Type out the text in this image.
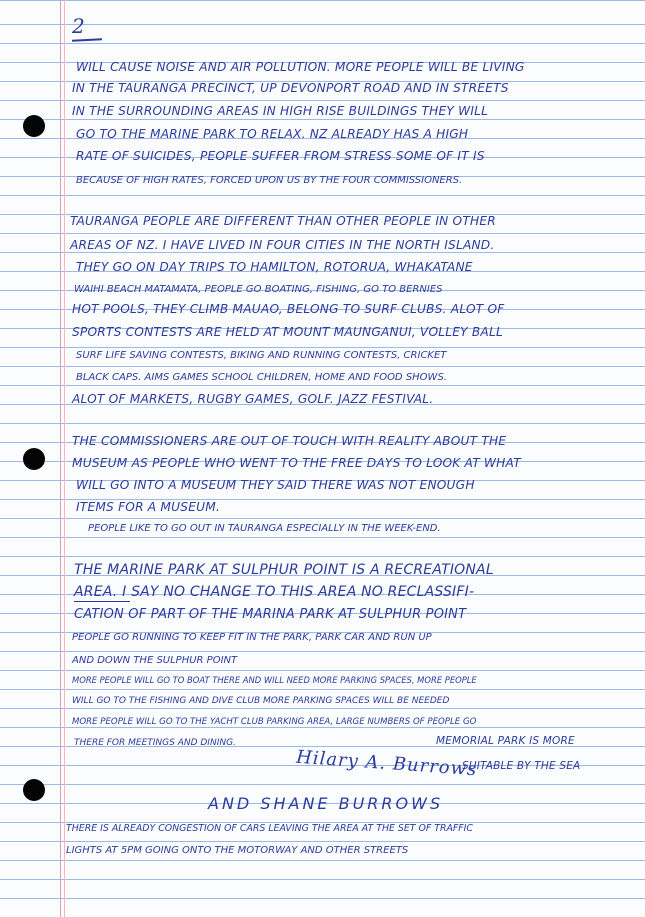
2
WILL CAUSE NOISE AND AIR POLLUTION. MORE PEOPLE WILL BE LIVING
IN THE TAURANGA PRECINCT, UP DEVONPORT ROAD AND IN STREETS
IN THE SURROUNDING AREAS IN HIGH RISE BUILDINGS THEY WILL
GO TO THE MARINE PARK TO RELAX. NZ ALREADY HAS A HIGH
RATE OF SUICIDES, PEOPLE SUFFER FROM STRESS SOME OF IT IS
BECAUSE OF HIGH RATES, FORCED UPON US BY THE FOUR COMMISSIONERS.
TAURANGA PEOPLE ARE DIFFERENT THAN OTHER PEOPLE IN OTHER
AREAS OF NZ. I HAVE LIVED IN FOUR CITIES IN THE NORTH ISLAND.
THEY GO ON DAY TRIPS TO HAMILTON, ROTORUA, WHAKATANE
WAIHI BEACH MATAMATA, PEOPLE GO BOATING, FISHING, GO TO BERNIES
HOT POOLS, THEY CLIMB MAUAO, BELONG TO SURF CLUBS. ALOT OF
SPORTS CONTESTS ARE HELD AT MOUNT MAUNGANUI, VOLLEY BALL
SURF LIFE SAVING CONTESTS, BIKING AND RUNNING CONTESTS, CRICKET
BLACK CAPS. AIMS GAMES SCHOOL CHILDREN, HOME AND FOOD SHOWS.
ALOT OF MARKETS, RUGBY GAMES, GOLF. JAZZ FESTIVAL.
THE COMMISSIONERS ARE OUT OF TOUCH WITH REALITY ABOUT THE
MUSEUM AS PEOPLE WHO WENT TO THE FREE DAYS TO LOOK AT WHAT
WILL GO INTO A MUSEUM THEY SAID THERE WAS NOT ENOUGH
ITEMS FOR A MUSEUM.
PEOPLE LIKE TO GO OUT IN TAURANGA ESPECIALLY IN THE WEEK-END.
THE MARINE PARK AT SULPHUR POINT IS A RECREATIONAL
AREA. I SAY NO CHANGE TO THIS AREA NO RECLASSIFI-
CATION OF PART OF THE MARINA PARK AT SULPHUR POINT
PEOPLE GO RUNNING TO KEEP FIT IN THE PARK, PARK CAR AND RUN UP
AND DOWN THE SULPHUR POINT
MORE PEOPLE WILL GO TO BOAT THERE AND WILL NEED MORE PARKING SPACES, MORE PEOPLE
WILL GO TO THE FISHING AND DIVE CLUB MORE PARKING SPACES WILL BE NEEDED
MORE PEOPLE WILL GO TO THE YACHT CLUB PARKING AREA, LARGE NUMBERS OF PEOPLE GO
THERE FOR MEETINGS AND DINING.	MEMORIAL PARK IS MORE
SUITABLE BY THE SEA
Hilary A. Burrows
AND SHANE BURROWS
THERE IS ALREADY CONGESTION OF CARS LEAVING THE AREA AT THE SET OF TRAFFIC
LIGHTS AT 5PM GOING ONTO THE MOTORWAY AND OTHER STREETS
